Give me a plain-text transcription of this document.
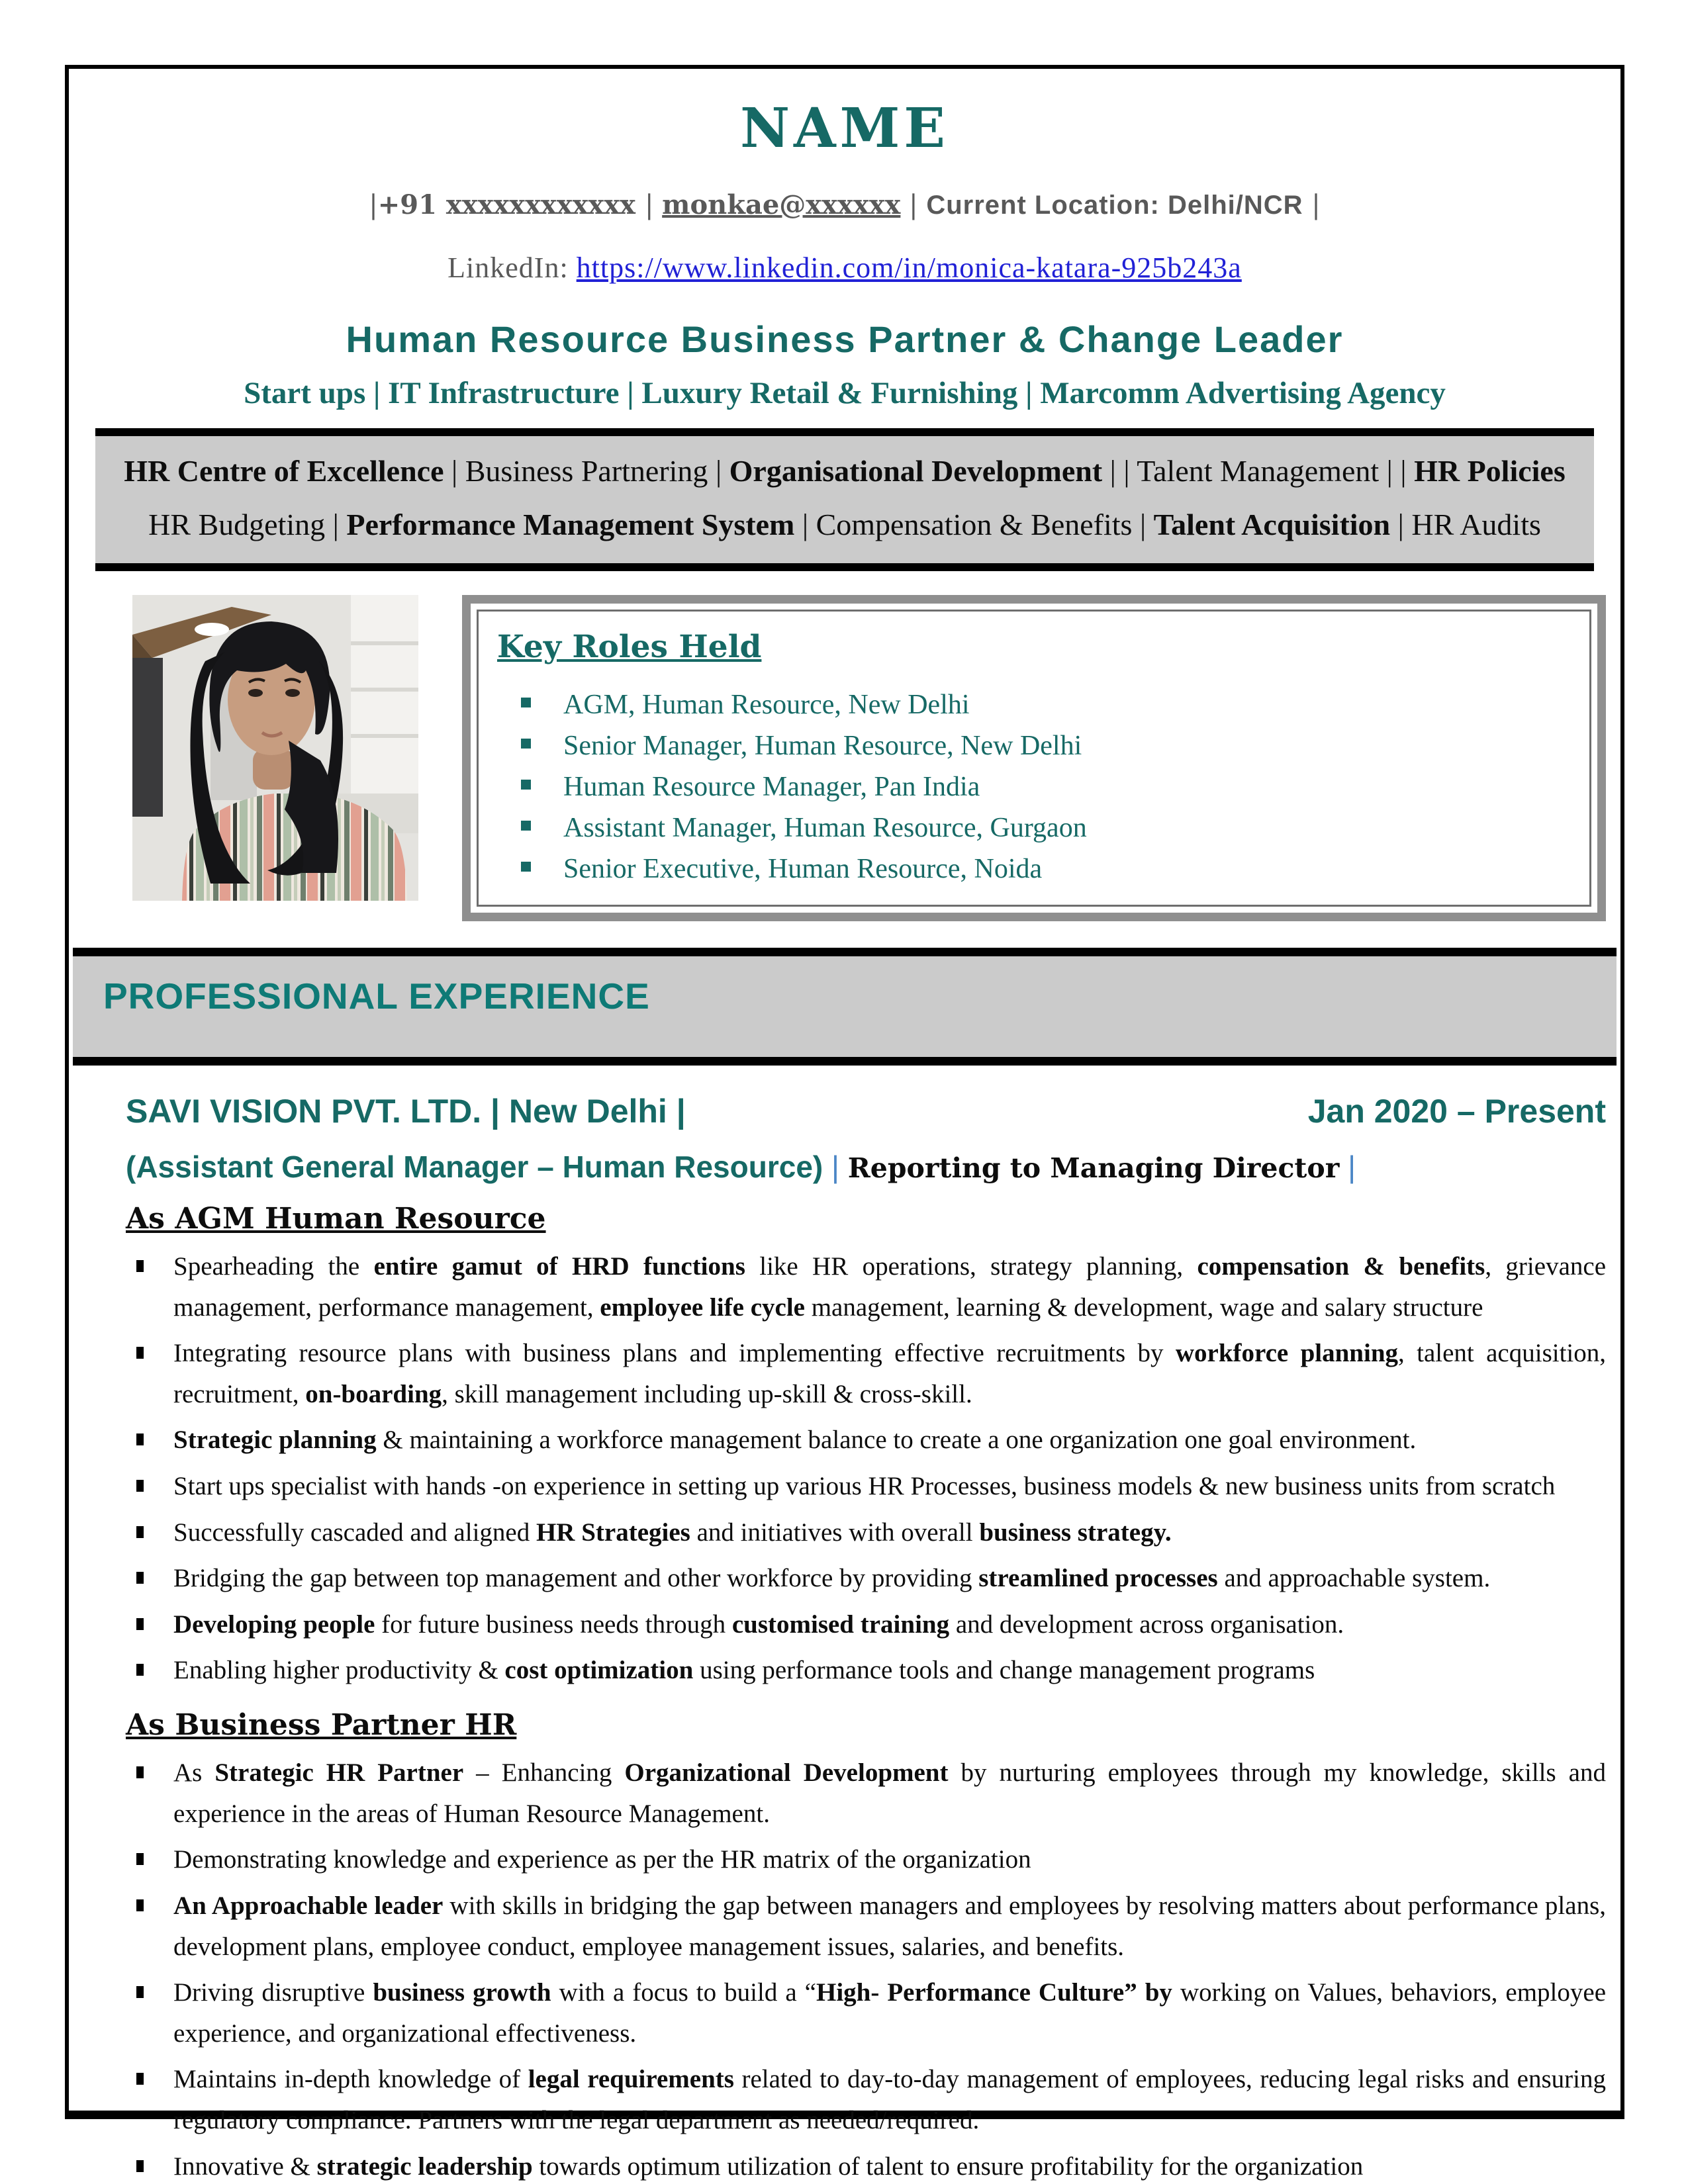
NAME
|+91 xxxxxxxxxxxx | monkae@xxxxxx | Current Location: Delhi/NCR |
LinkedIn: https://www.linkedin.com/in/monica-katara-925b243a
Human Resource Business Partner & Change Leader
Start ups | IT Infrastructure | Luxury Retail & Furnishing | Marcomm Advertising Agency
HR Centre of Excellence | Business Partnering | Organisational Development | | Talent Management | | HR Policies
HR Budgeting | Performance Management System | Compensation & Benefits | Talent Acquisition | HR Audits
Key Roles Held
AGM, Human Resource, New Delhi
Senior Manager, Human Resource, New Delhi
Human Resource Manager, Pan India
Assistant Manager, Human Resource, Gurgaon
Senior Executive, Human Resource, Noida
PROFESSIONAL EXPERIENCE
SAVI VISION PVT. LTD. | New Delhi |	Jan 2020 – Present
(Assistant General Manager – Human Resource) | Reporting to Managing Director |
As AGM Human Resource
Spearheading the entire gamut of HRD functions like HR operations, strategy planning, compensation & benefits, grievance management, performance management, employee life cycle management, learning & development, wage and salary structure
Integrating resource plans with business plans and implementing effective recruitments by workforce planning, talent acquisition, recruitment, on-boarding, skill management including up-skill & cross-skill.
Strategic planning & maintaining a workforce management balance to create a one organization one goal environment.
Start ups specialist with hands -on experience in setting up various HR Processes, business models & new business units from scratch
Successfully cascaded and aligned HR Strategies and initiatives with overall business strategy.
Bridging the gap between top management and other workforce by providing streamlined processes and approachable system.
Developing people for future business needs through customised training and development across organisation.
Enabling higher productivity & cost optimization using performance tools and change management programs
As Business Partner HR
As Strategic HR Partner – Enhancing Organizational Development by nurturing employees through my knowledge, skills and experience in the areas of Human Resource Management.
Demonstrating knowledge and experience as per the HR matrix of the organization
An Approachable leader with skills in bridging the gap between managers and employees by resolving matters about performance plans, development plans, employee conduct, employee management issues, salaries, and benefits.
Driving disruptive business growth with a focus to build a “High- Performance Culture” by working on Values, behaviors, employee experience, and organizational effectiveness.
Maintains in-depth knowledge of legal requirements related to day-to-day management of employees, reducing legal risks and ensuring regulatory compliance. Partners with the legal department as needed/required.
Innovative & strategic leadership towards optimum utilization of talent to ensure profitability for the organization
